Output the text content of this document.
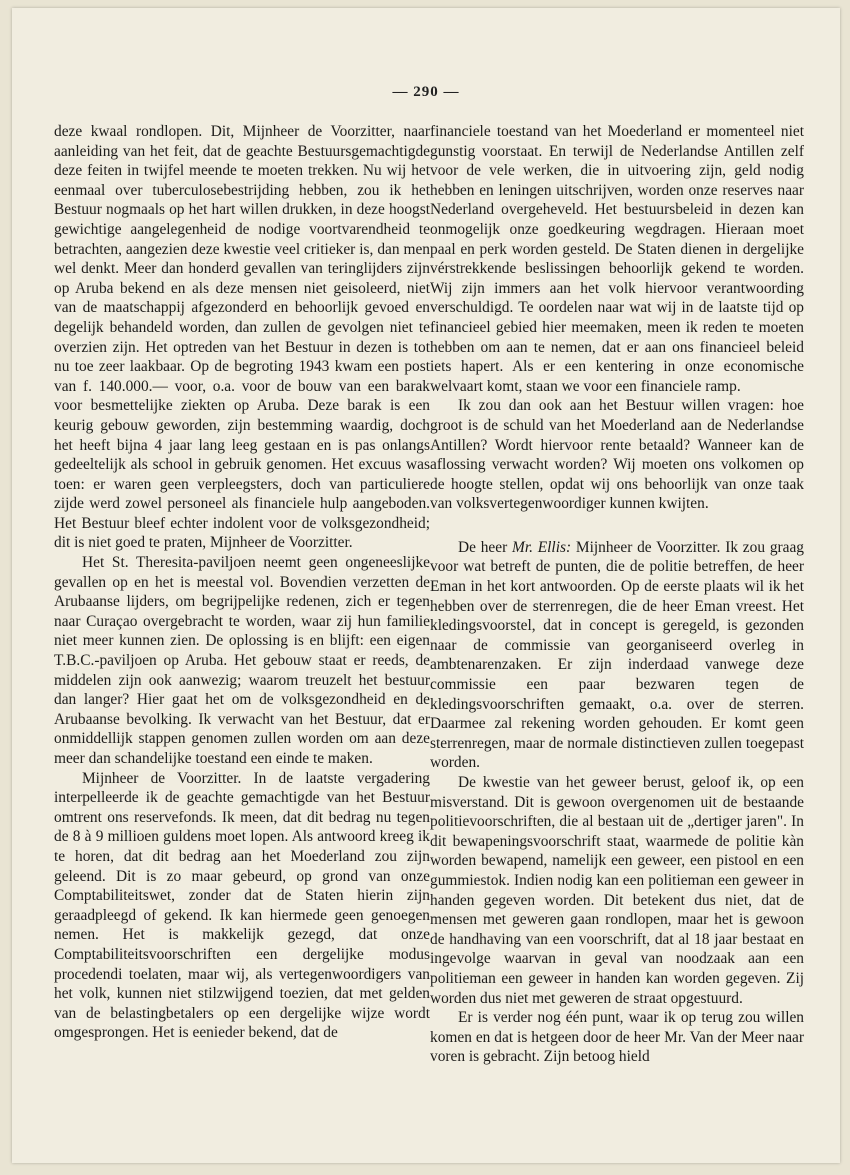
— 290 —

deze kwaal rondlopen. Dit, Mijnheer de Voorzitter, naar aanleiding van het feit, dat de geachte Bestuursgemachtigde deze feiten in twijfel meende te moeten trekken. Nu wij het eenmaal over tuberculosebestrijding hebben, zou ik het Bestuur nogmaals op het hart willen drukken, in deze hoogst gewichtige aangelegenheid de nodige voortvarendheid te betrachten, aangezien deze kwestie veel critieker is, dan men wel denkt. Meer dan honderd gevallen van teringlijders zijn op Aruba bekend en als deze mensen niet geisoleerd, niet van de maatschappij afgezonderd en behoorlijk gevoed en degelijk behandeld worden, dan zullen de gevolgen niet te overzien zijn. Het optreden van het Bestuur in dezen is tot nu toe zeer laakbaar. Op de begroting 1943 kwam een post van f. 140.000.— voor, o.a. voor de bouw van een barak voor besmettelijke ziekten op Aruba. Deze barak is een keurig gebouw geworden, zijn bestemming waardig, doch het heeft bijna 4 jaar lang leeg gestaan en is pas onlangs gedeeltelijk als school in gebruik genomen. Het excuus was toen: er waren geen verpleegsters, doch van particuliere zijde werd zowel personeel als financiele hulp aangeboden. Het Bestuur bleef echter indolent voor de volksgezondheid; dit is niet goed te praten, Mijnheer de Voorzitter.

Het St. Theresita-paviljoen neemt geen ongeneeslijke gevallen op en het is meestal vol. Bovendien verzetten de Arubaanse lijders, om begrijpelijke redenen, zich er tegen naar Curaçao overgebracht te worden, waar zij hun familie niet meer kunnen zien. De oplossing is en blijft: een eigen T.B.C.-paviljoen op Aruba. Het gebouw staat er reeds, de middelen zijn ook aanwezig; waarom treuzelt het bestuur dan langer? Hier gaat het om de volksgezondheid en de Arubaanse bevolking. Ik verwacht van het Bestuur, dat er onmiddellijk stappen genomen zullen worden om aan deze meer dan schandelijke toestand een einde te maken.

Mijnheer de Voorzitter. In de laatste vergadering interpelleerde ik de geachte gemachtigde van het Bestuur omtrent ons reservefonds. Ik meen, dat dit bedrag nu tegen de 8 à 9 millioen guldens moet lopen. Als antwoord kreeg ik te horen, dat dit bedrag aan het Moederland zou zijn geleend. Dit is zo maar gebeurd, op grond van onze Comptabiliteitswet, zonder dat de Staten hierin zijn geraadpleegd of gekend. Ik kan hiermede geen genoegen nemen. Het is makkelijk gezegd, dat onze Comptabiliteitsvoorschriften een dergelijke modus procedendi toelaten, maar wij, als vertegenwoordigers van het volk, kunnen niet stilzwijgend toezien, dat met gelden van de belastingbetalers op een dergelijke wijze wordt omgesprongen. Het is eenieder bekend, dat de

financiele toestand van het Moederland er momenteel niet gunstig voorstaat. En terwijl de Nederlandse Antillen zelf voor de vele werken, die in uitvoering zijn, geld nodig hebben en leningen uitschrijven, worden onze reserves naar Nederland overgeheveld. Het bestuursbeleid in dezen kan onmogelijk onze goedkeuring wegdragen. Hieraan moet paal en perk worden gesteld. De Staten dienen in dergelijke vérstrekkende beslissingen behoorlijk gekend te worden. Wij zijn immers aan het volk hiervoor verantwoording verschuldigd. Te oordelen naar wat wij in de laatste tijd op financieel gebied hier meemaken, meen ik reden te moeten hebben om aan te nemen, dat er aan ons financieel beleid iets hapert. Als er een kentering in onze economische welvaart komt, staan we voor een financiele ramp.

Ik zou dan ook aan het Bestuur willen vragen: hoe groot is de schuld van het Moederland aan de Nederlandse Antillen? Wordt hiervoor rente betaald? Wanneer kan de aflossing verwacht worden? Wij moeten ons volkomen op de hoogte stellen, opdat wij ons behoorlijk van onze taak van volksvertegenwoordiger kunnen kwijten.

De heer Mr. Ellis: Mijnheer de Voorzitter. Ik zou graag voor wat betreft de punten, die de politie betreffen, de heer Eman in het kort antwoorden. Op de eerste plaats wil ik het hebben over de sterrenregen, die de heer Eman vreest. Het kledingsvoorstel, dat in concept is geregeld, is gezonden naar de commissie van georganiseerd overleg in ambtenarenzaken. Er zijn inderdaad vanwege deze commissie een paar bezwaren tegen de kledingsvoorschriften gemaakt, o.a. over de sterren. Daarmee zal rekening worden gehouden. Er komt geen sterrenregen, maar de normale distinctieven zullen toegepast worden.

De kwestie van het geweer berust, geloof ik, op een misverstand. Dit is gewoon overgenomen uit de bestaande politievoorschriften, die al bestaan uit de „dertiger jaren". In dit bewapeningsvoorschrift staat, waarmede de politie kàn worden bewapend, namelijk een geweer, een pistool en een gummiestok. Indien nodig kan een politieman een geweer in handen gegeven worden. Dit betekent dus niet, dat de mensen met geweren gaan rondlopen, maar het is gewoon de handhaving van een voorschrift, dat al 18 jaar bestaat en ingevolge waarvan in geval van noodzaak aan een politieman een geweer in handen kan worden gegeven. Zij worden dus niet met geweren de straat opgestuurd.

Er is verder nog één punt, waar ik op terug zou willen komen en dat is hetgeen door de heer Mr. Van der Meer naar voren is gebracht. Zijn betoog hield
